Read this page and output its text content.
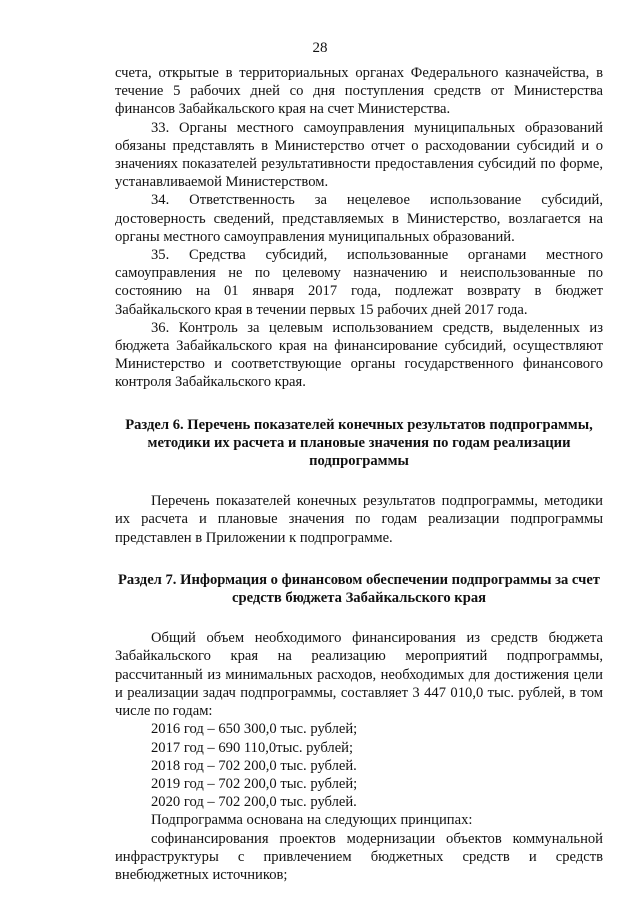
28

счета, открытые в территориальных органах Федерального казначейства, в течение 5 рабочих дней со дня поступления средств от Министерства финансов Забайкальского края на счет Министерства.

33. Органы местного самоуправления муниципальных образований обязаны представлять в Министерство отчет о расходовании субсидий и о значениях показателей результативности предоставления субсидий по форме, устанавливаемой Министерством.

34. Ответственность за нецелевое использование субсидий, достоверность сведений, представляемых в Министерство, возлагается на органы местного самоуправления муниципальных образований.

35. Средства субсидий, использованные органами местного самоуправления не по целевому назначению и неиспользованные по состоянию на 01 января 2017 года, подлежат возврату в бюджет Забайкальского края в течении первых 15 рабочих дней 2017 года.

36. Контроль за целевым использованием средств, выделенных из бюджета Забайкальского края на финансирование субсидий, осуществляют Министерство и соответствующие органы государственного финансового контроля Забайкальского края.

Раздел 6. Перечень показателей конечных результатов подпрограммы, методики их расчета и плановые значения по годам реализации подпрограммы

Перечень показателей конечных результатов подпрограммы, методики их расчета и плановые значения по годам реализации подпрограммы представлен в Приложении к подпрограмме.

Раздел 7. Информация о финансовом обеспечении подпрограммы за счет средств бюджета Забайкальского края

Общий объем необходимого финансирования из средств бюджета Забайкальского края на реализацию мероприятий подпрограммы, рассчитанный из минимальных расходов, необходимых для достижения цели и реализации задач подпрограммы, составляет 3 447 010,0 тыс. рублей, в том числе по годам:

2016 год – 650 300,0 тыс. рублей;

2017 год – 690 110,0тыс. рублей;

2018 год – 702 200,0 тыс. рублей.

2019 год – 702 200,0 тыс. рублей;

2020 год – 702 200,0 тыс. рублей.

Подпрограмма основана на следующих принципах:

софинансирования проектов модернизации объектов коммунальной инфраструктуры с привлечением бюджетных средств и средств внебюджетных источников;
